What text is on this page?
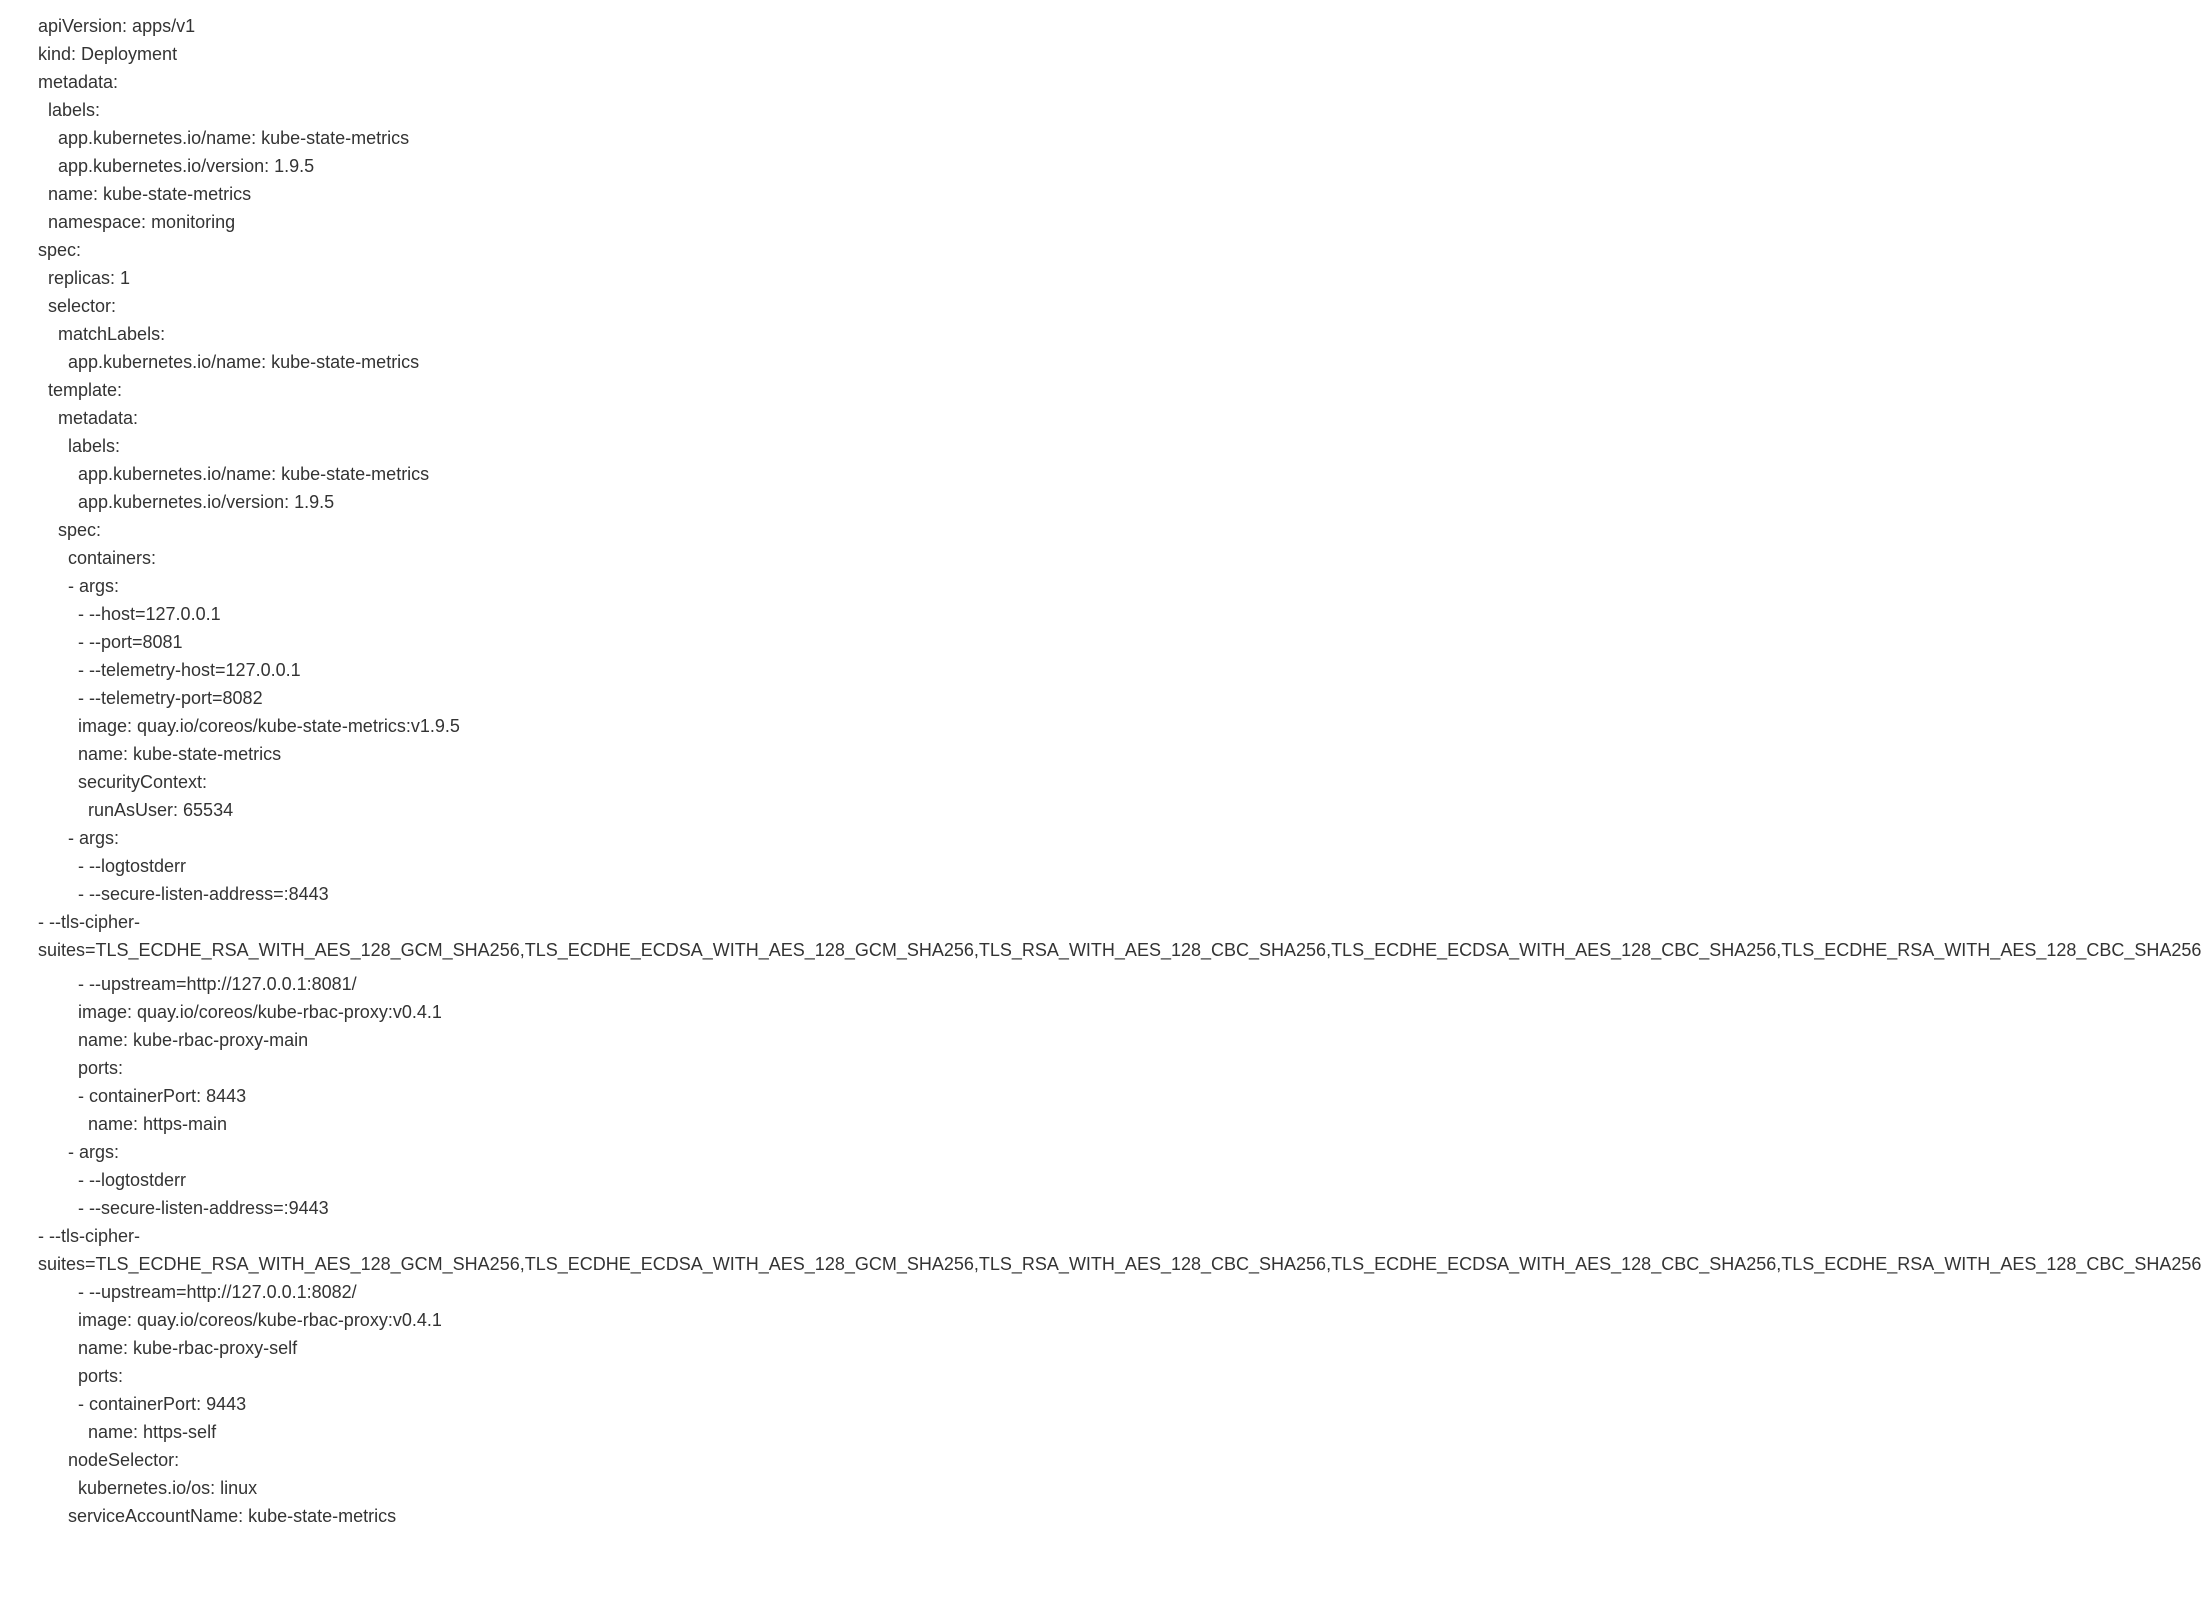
apiVersion: apps/v1
kind: Deployment
metadata:
labels:
app.kubernetes.io/name: kube-state-metrics
app.kubernetes.io/version: 1.9.5
name: kube-state-metrics
namespace: monitoring
spec:
replicas: 1
selector:
matchLabels:
app.kubernetes.io/name: kube-state-metrics
template:
metadata:
labels:
app.kubernetes.io/name: kube-state-metrics
app.kubernetes.io/version: 1.9.5
spec:
containers:
- args:
- --host=127.0.0.1
- --port=8081
- --telemetry-host=127.0.0.1
- --telemetry-port=8082
image: quay.io/coreos/kube-state-metrics:v1.9.5
name: kube-state-metrics
securityContext:
runAsUser: 65534
- args:
- --logtostderr
- --secure-listen-address=:8443
- --tls-cipher-suites=TLS_ECDHE_RSA_WITH_AES_128_GCM_SHA256,TLS_ECDHE_ECDSA_WITH_AES_128_GCM_SHA256,TLS_RSA_WITH_AES_128_CBC_SHA256,TLS_ECDHE_ECDSA_WITH_AES_128_CBC_SHA256,TLS_ECDHE_RSA_WITH_AES_128_CBC_SHA256
- --upstream=http://127.0.0.1:8081/
image: quay.io/coreos/kube-rbac-proxy:v0.4.1
name: kube-rbac-proxy-main
ports:
- containerPort: 8443
name: https-main
- args:
- --logtostderr
- --secure-listen-address=:9443
- --tls-cipher-suites=TLS_ECDHE_RSA_WITH_AES_128_GCM_SHA256,TLS_ECDHE_ECDSA_WITH_AES_128_GCM_SHA256,TLS_RSA_WITH_AES_128_CBC_SHA256,TLS_ECDHE_ECDSA_WITH_AES_128_CBC_SHA256,TLS_ECDHE_RSA_WITH_AES_128_CBC_SHA256
- --upstream=http://127.0.0.1:8082/
image: quay.io/coreos/kube-rbac-proxy:v0.4.1
name: kube-rbac-proxy-self
ports:
- containerPort: 9443
name: https-self
nodeSelector:
kubernetes.io/os: linux
serviceAccountName: kube-state-metrics
